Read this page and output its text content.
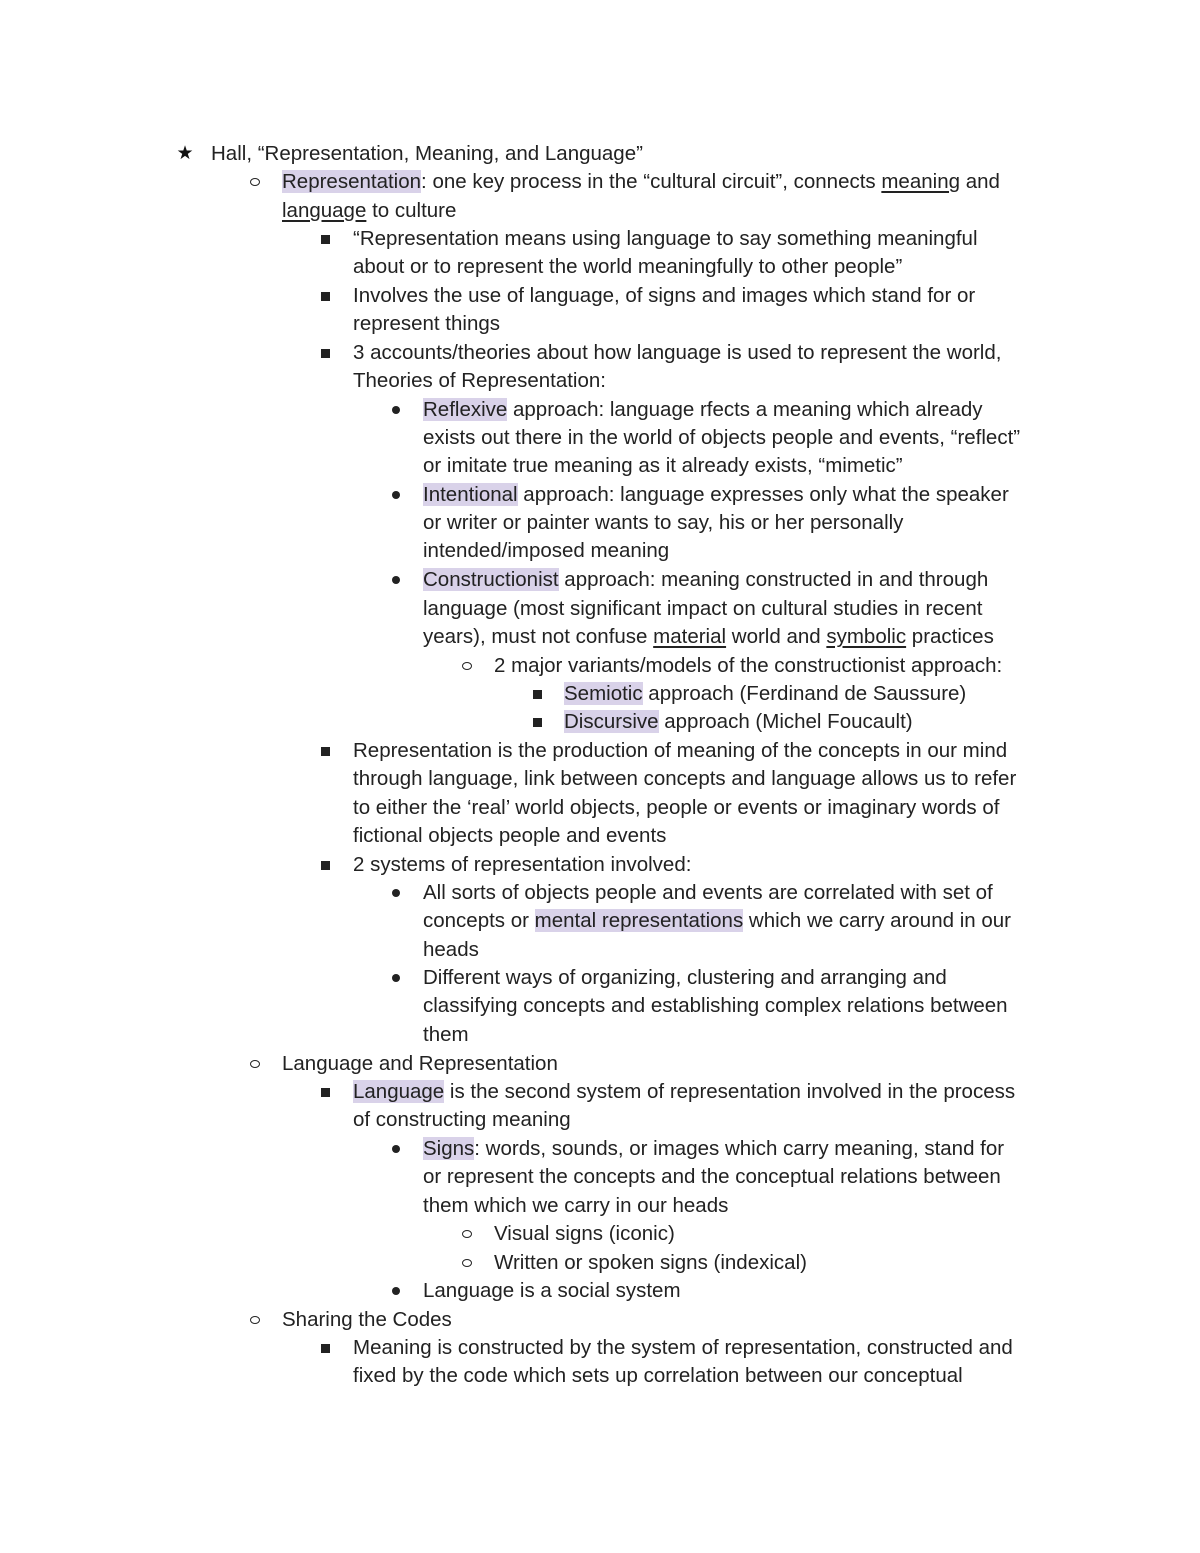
★ Hall, “Representation, Meaning, and Language”
Representation: one key process in the “cultural circuit”, connects meaning and
language to culture
“Representation means using language to say something meaningful
about or to represent the world meaningfully to other people”
Involves the use of language, of signs and images which stand for or
represent things
3 accounts/theories about how language is used to represent the world,
Theories of Representation:
Reflexive approach: language rfects a meaning which already
exists out there in the world of objects people and events, “reflect”
or imitate true meaning as it already exists, “mimetic”
Intentional approach: language expresses only what the speaker
or writer or painter wants to say, his or her personally
intended/imposed meaning
Constructionist approach: meaning constructed in and through
language (most significant impact on cultural studies in recent
years), must not confuse material world and symbolic practices
2 major variants/models of the constructionist approach:
Semiotic approach (Ferdinand de Saussure)
Discursive approach (Michel Foucault)
Representation is the production of meaning of the concepts in our mind
through language, link between concepts and language allows us to refer
to either the ‘real’ world objects, people or events or imaginary words of
fictional objects people and events
2 systems of representation involved:
All sorts of objects people and events are correlated with set of
concepts or mental representations which we carry around in our
heads
Different ways of organizing, clustering and arranging and
classifying concepts and establishing complex relations between
them
Language and Representation
Language is the second system of representation involved in the process
of constructing meaning
Signs: words, sounds, or images which carry meaning, stand for
or represent the concepts and the conceptual relations between
them which we carry in our heads
Visual signs (iconic)
Written or spoken signs (indexical)
Language is a social system
Sharing the Codes
Meaning is constructed by the system of representation, constructed and
fixed by the code which sets up correlation between our conceptual
